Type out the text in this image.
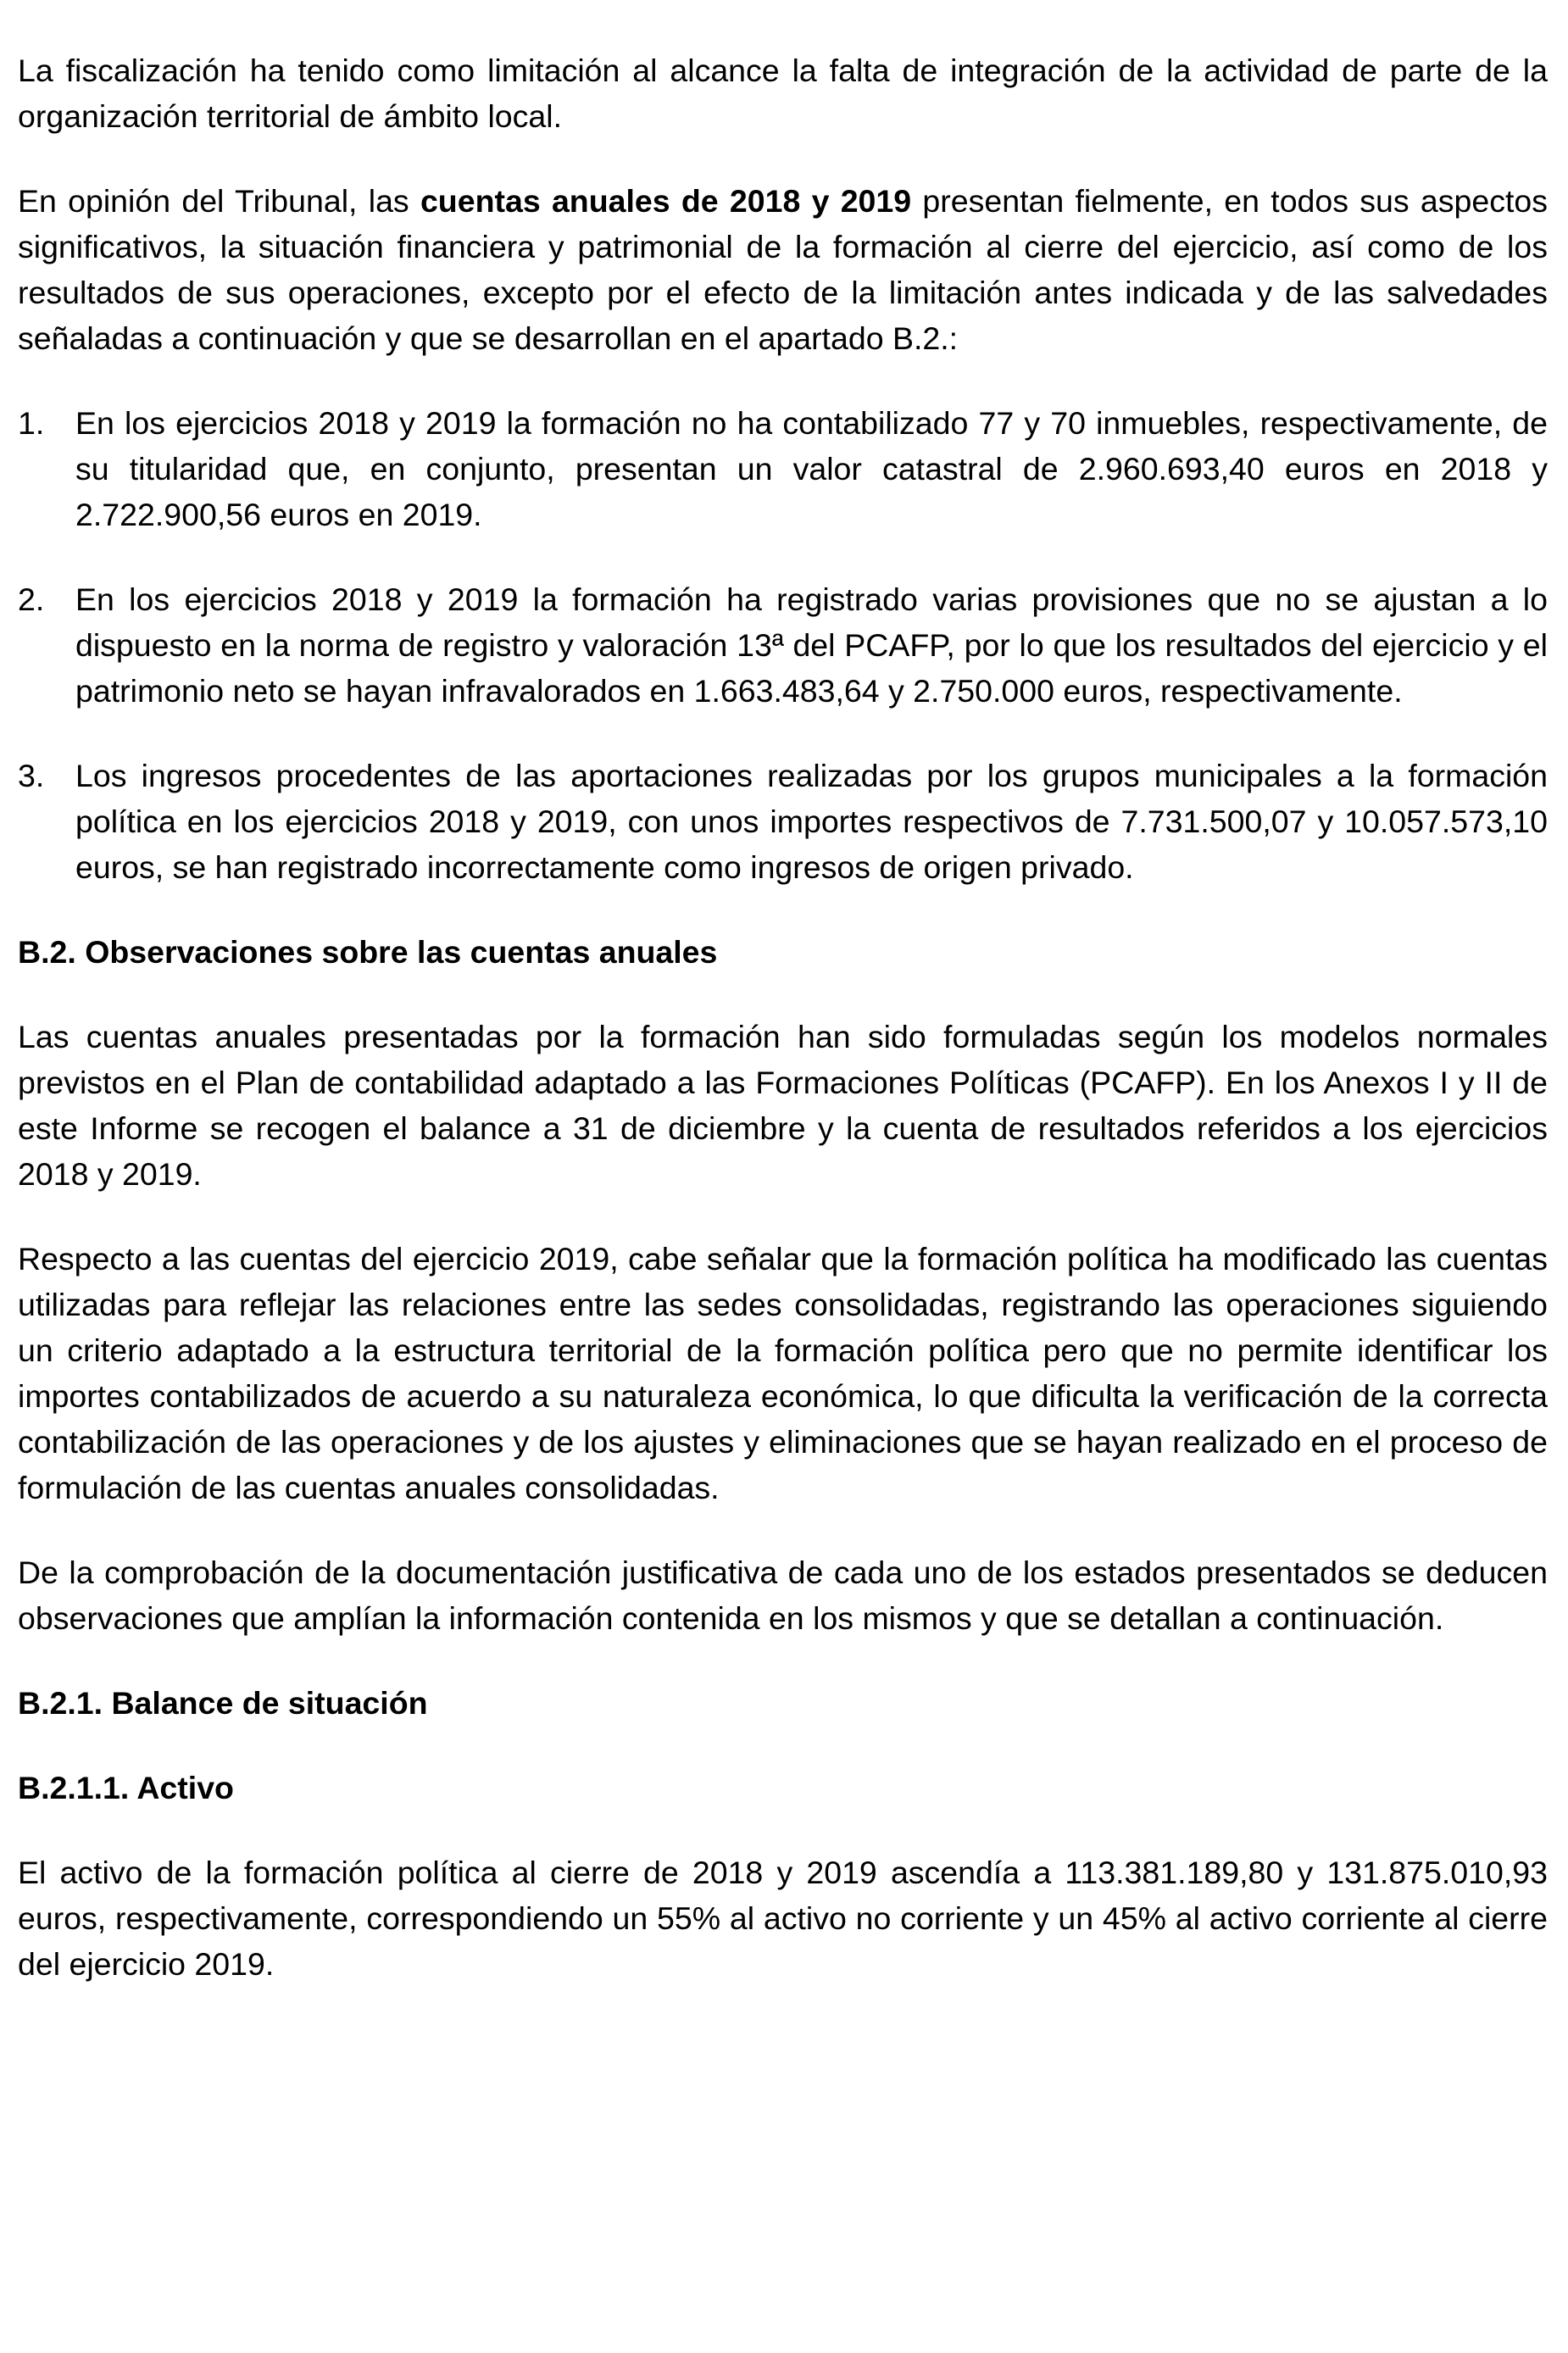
La fiscalización ha tenido como limitación al alcance la falta de integración de la actividad de parte de la organización territorial de ámbito local.

En opinión del Tribunal, las cuentas anuales de 2018 y 2019 presentan fielmente, en todos sus aspectos significativos, la situación financiera y patrimonial de la formación al cierre del ejercicio, así como de los resultados de sus operaciones, excepto por el efecto de la limitación antes indicada y de las salvedades señaladas a continuación y que se desarrollan en el apartado B.2.:

1. En los ejercicios 2018 y 2019 la formación no ha contabilizado 77 y 70 inmuebles, respectivamente, de su titularidad que, en conjunto, presentan un valor catastral de 2.960.693,40 euros en 2018 y 2.722.900,56 euros en 2019.
2. En los ejercicios 2018 y 2019 la formación ha registrado varias provisiones que no se ajustan a lo dispuesto en la norma de registro y valoración 13ª del PCAFP, por lo que los resultados del ejercicio y el patrimonio neto se hayan infravalorados en 1.663.483,64 y 2.750.000 euros, respectivamente.
3. Los ingresos procedentes de las aportaciones realizadas por los grupos municipales a la formación política en los ejercicios 2018 y 2019, con unos importes respectivos de 7.731.500,07 y 10.057.573,10 euros, se han registrado incorrectamente como ingresos de origen privado.
B.2. Observaciones sobre las cuentas anuales

Las cuentas anuales presentadas por la formación han sido formuladas según los modelos normales previstos en el Plan de contabilidad adaptado a las Formaciones Políticas (PCAFP). En los Anexos I y II de este Informe se recogen el balance a 31 de diciembre y la cuenta de resultados referidos a los ejercicios 2018 y 2019.

Respecto a las cuentas del ejercicio 2019, cabe señalar que la formación política ha modificado las cuentas utilizadas para reflejar las relaciones entre las sedes consolidadas, registrando las operaciones siguiendo un criterio adaptado a la estructura territorial de la formación política pero que no permite identificar los importes contabilizados de acuerdo a su naturaleza económica, lo que dificulta la verificación de la correcta contabilización de las operaciones y de los ajustes y eliminaciones que se hayan realizado en el proceso de formulación de las cuentas anuales consolidadas.

De la comprobación de la documentación justificativa de cada uno de los estados presentados se deducen observaciones que amplían la información contenida en los mismos y que se detallan a continuación.

B.2.1. Balance de situación
B.2.1.1. Activo

El activo de la formación política al cierre de 2018 y 2019 ascendía a 113.381.189,80 y 131.875.010,93 euros, respectivamente, correspondiendo un 55% al activo no corriente y un 45% al activo corriente al cierre del ejercicio 2019.
